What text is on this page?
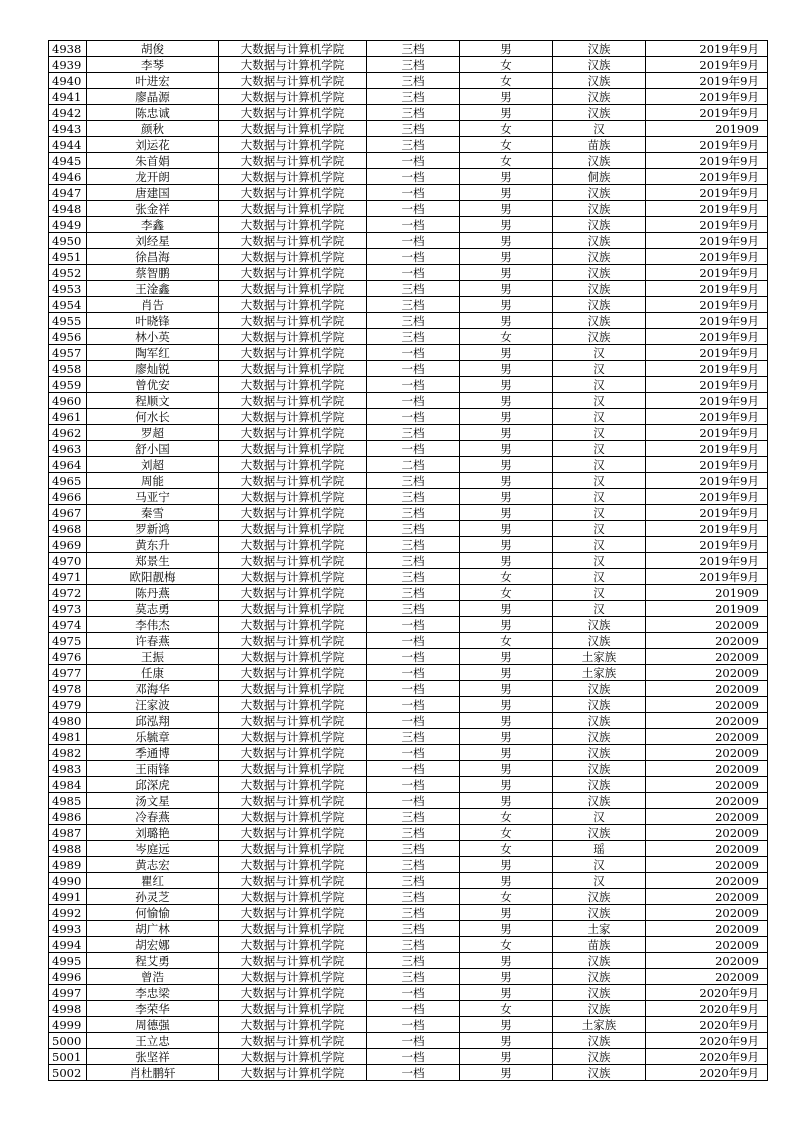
4938	胡俊	大数据与计算机学院	三档	男	汉族	2019年9月
4939	李琴	大数据与计算机学院	三档	女	汉族	2019年9月
4940	叶进宏	大数据与计算机学院	三档	女	汉族	2019年9月
4941	廖晶源	大数据与计算机学院	三档	男	汉族	2019年9月
4942	陈忠诚	大数据与计算机学院	三档	男	汉族	2019年9月
4943	颜秋	大数据与计算机学院	三档	女	汉	201909
4944	刘运花	大数据与计算机学院	三档	女	苗族	2019年9月
4945	朱首娟	大数据与计算机学院	一档	女	汉族	2019年9月
4946	龙开朗	大数据与计算机学院	一档	男	侗族	2019年9月
4947	唐建国	大数据与计算机学院	一档	男	汉族	2019年9月
4948	张金祥	大数据与计算机学院	一档	男	汉族	2019年9月
4949	李鑫	大数据与计算机学院	一档	男	汉族	2019年9月
4950	刘经星	大数据与计算机学院	一档	男	汉族	2019年9月
4951	徐昌海	大数据与计算机学院	一档	男	汉族	2019年9月
4952	蔡智鹏	大数据与计算机学院	一档	男	汉族	2019年9月
4953	王淦鑫	大数据与计算机学院	三档	男	汉族	2019年9月
4954	肖告	大数据与计算机学院	三档	男	汉族	2019年9月
4955	叶晓锋	大数据与计算机学院	三档	男	汉族	2019年9月
4956	林小英	大数据与计算机学院	三档	女	汉族	2019年9月
4957	陶军红	大数据与计算机学院	一档	男	汉	2019年9月
4958	廖灿锐	大数据与计算机学院	一档	男	汉	2019年9月
4959	曾优安	大数据与计算机学院	一档	男	汉	2019年9月
4960	程顺文	大数据与计算机学院	一档	男	汉	2019年9月
4961	何水长	大数据与计算机学院	一档	男	汉	2019年9月
4962	罗超	大数据与计算机学院	三档	男	汉	2019年9月
4963	舒小国	大数据与计算机学院	一档	男	汉	2019年9月
4964	刘超	大数据与计算机学院	二档	男	汉	2019年9月
4965	周能	大数据与计算机学院	三档	男	汉	2019年9月
4966	马亚宁	大数据与计算机学院	三档	男	汉	2019年9月
4967	秦雪	大数据与计算机学院	三档	男	汉	2019年9月
4968	罗新鸿	大数据与计算机学院	三档	男	汉	2019年9月
4969	黄东升	大数据与计算机学院	三档	男	汉	2019年9月
4970	郑景生	大数据与计算机学院	三档	男	汉	2019年9月
4971	欧阳靓梅	大数据与计算机学院	三档	女	汉	2019年9月
4972	陈丹燕	大数据与计算机学院	三档	女	汉	201909
4973	莫志勇	大数据与计算机学院	三档	男	汉	201909
4974	李伟杰	大数据与计算机学院	一档	男	汉族	202009
4975	许春燕	大数据与计算机学院	一档	女	汉族	202009
4976	王振	大数据与计算机学院	一档	男	土家族	202009
4977	任康	大数据与计算机学院	一档	男	土家族	202009
4978	邓海华	大数据与计算机学院	一档	男	汉族	202009
4979	汪家波	大数据与计算机学院	一档	男	汉族	202009
4980	邱泓翔	大数据与计算机学院	一档	男	汉族	202009
4981	乐毓章	大数据与计算机学院	三档	男	汉族	202009
4982	季通博	大数据与计算机学院	一档	男	汉族	202009
4983	王雨锋	大数据与计算机学院	一档	男	汉族	202009
4984	邱深虎	大数据与计算机学院	一档	男	汉族	202009
4985	汤文星	大数据与计算机学院	一档	男	汉族	202009
4986	冷春燕	大数据与计算机学院	三档	女	汉	202009
4987	刘璐艳	大数据与计算机学院	三档	女	汉族	202009
4988	岑庭远	大数据与计算机学院	三档	女	瑶	202009
4989	黄志宏	大数据与计算机学院	三档	男	汉	202009
4990	瞿红	大数据与计算机学院	三档	男	汉	202009
4991	孙灵芝	大数据与计算机学院	三档	女	汉族	202009
4992	何愉愉	大数据与计算机学院	三档	男	汉族	202009
4993	胡广林	大数据与计算机学院	三档	男	土家	202009
4994	胡宏娜	大数据与计算机学院	三档	女	苗族	202009
4995	程艾勇	大数据与计算机学院	三档	男	汉族	202009
4996	曾浩	大数据与计算机学院	三档	男	汉族	202009
4997	李忠梁	大数据与计算机学院	一档	男	汉族	2020年9月
4998	李荣华	大数据与计算机学院	一档	女	汉族	2020年9月
4999	周德强	大数据与计算机学院	一档	男	土家族	2020年9月
5000	王立忠	大数据与计算机学院	一档	男	汉族	2020年9月
5001	张坚祥	大数据与计算机学院	一档	男	汉族	2020年9月
5002	肖杜鹏轩	大数据与计算机学院	一档	男	汉族	2020年9月
